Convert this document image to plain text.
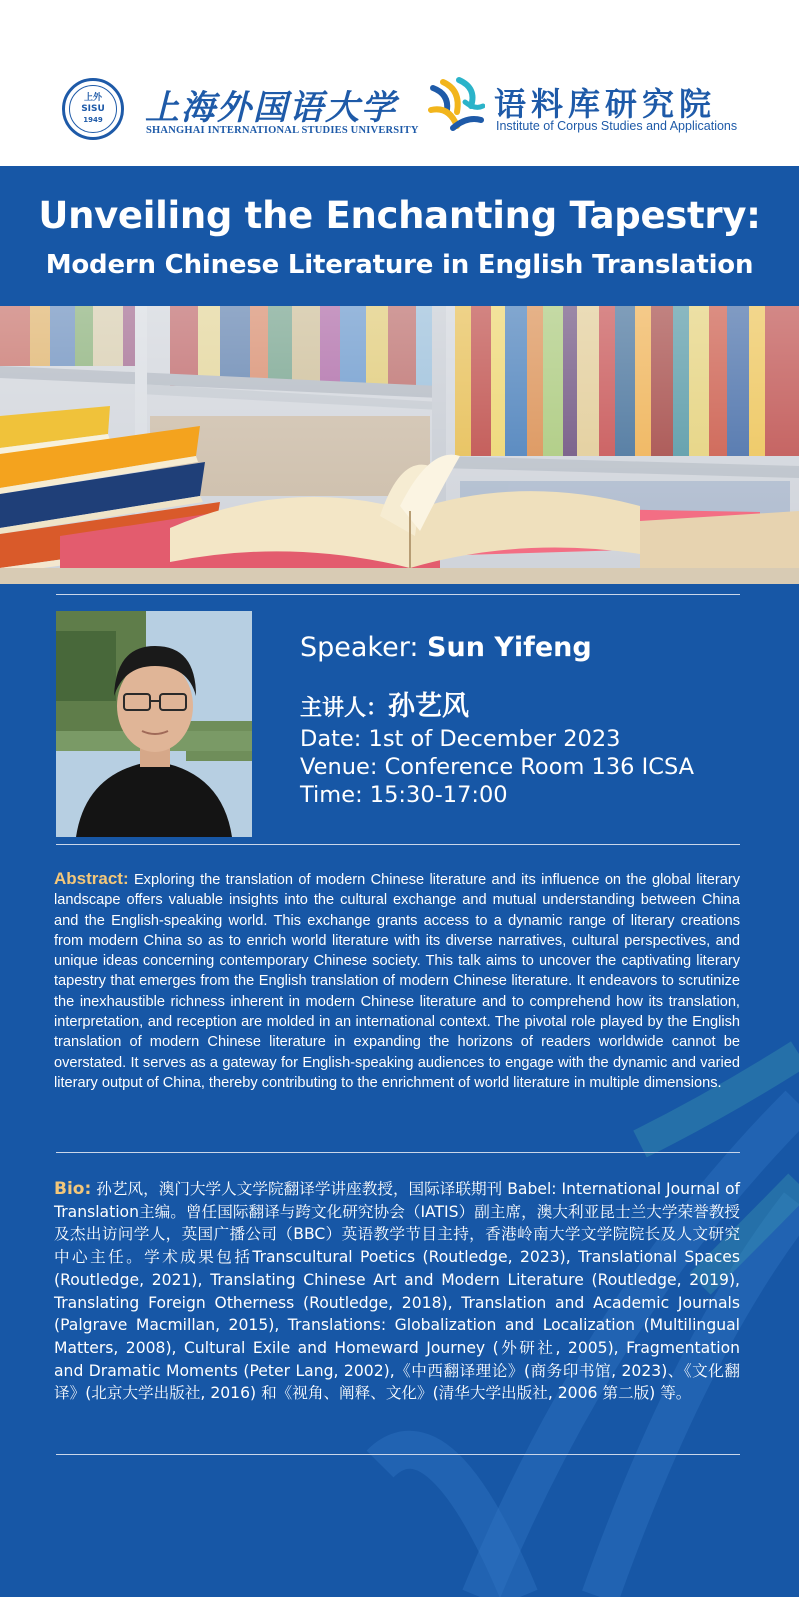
上外
SISU
1949 上海外国语大学
SHANGHAI INTERNATIONAL STUDIES UNIVERSITY
语料库研究院
Institute of Corpus Studies and Applications
Unveiling the Enchanting Tapestry:
Modern Chinese Literature in English Translation
Speaker: Sun Yifeng
主讲人：孙艺风
Date: 1st of December 2023
Venue: Conference Room 136 ICSA
Time: 15:30-17:00
Abstract: Exploring the translation of modern Chinese literature and its influence on the global literary landscape offers valuable insights into the cultural exchange and mutual understanding between China and the English-speaking world. This exchange grants access to a dynamic range of literary creations from modern China so as to enrich world literature with its diverse narratives, cultural perspectives, and unique ideas concerning contemporary Chinese society. This talk aims to uncover the captivating literary tapestry that emerges from the English translation of modern Chinese literature. It endeavors to scrutinize the inexhaustible richness inherent in modern Chinese literature and to comprehend how its translation, interpretation, and reception are molded in an international context. The pivotal role played by the English translation of modern Chinese literature in expanding the horizons of readers worldwide cannot be overstated. It serves as a gateway for English-speaking audiences to engage with the dynamic and varied literary output of China, thereby contributing to the enrichment of world literature in multiple dimensions.
Bio: 孙艺风，澳门大学人文学院翻译学讲座教授，国际译联期刊 Babel: International Journal of Translation主编。曾任国际翻译与跨文化研究协会（IATIS）副主席，澳大利亚昆士兰大学荣誉教授及杰出访问学人，英国广播公司（BBC）英语教学节目主持，香港岭南大学文学院院长及人文研究中心主任。学术成果包括Transcultural Poetics (Routledge, 2023), Translational Spaces (Routledge, 2021), Translating Chinese Art and Modern Literature (Routledge, 2019), Translating Foreign Otherness (Routledge, 2018), Translation and Academic Journals (Palgrave Macmillan, 2015), Translations: Globalization and Localization (Multilingual Matters, 2008), Cultural Exile and Homeward Journey (外研社, 2005), Fragmentation and Dramatic Moments (Peter Lang, 2002),《中西翻译理论》(商务印书馆, 2023)、《文化翻译》(北京大学出版社, 2016) 和《视角、阐释、文化》(清华大学出版社, 2006 第二版) 等。
